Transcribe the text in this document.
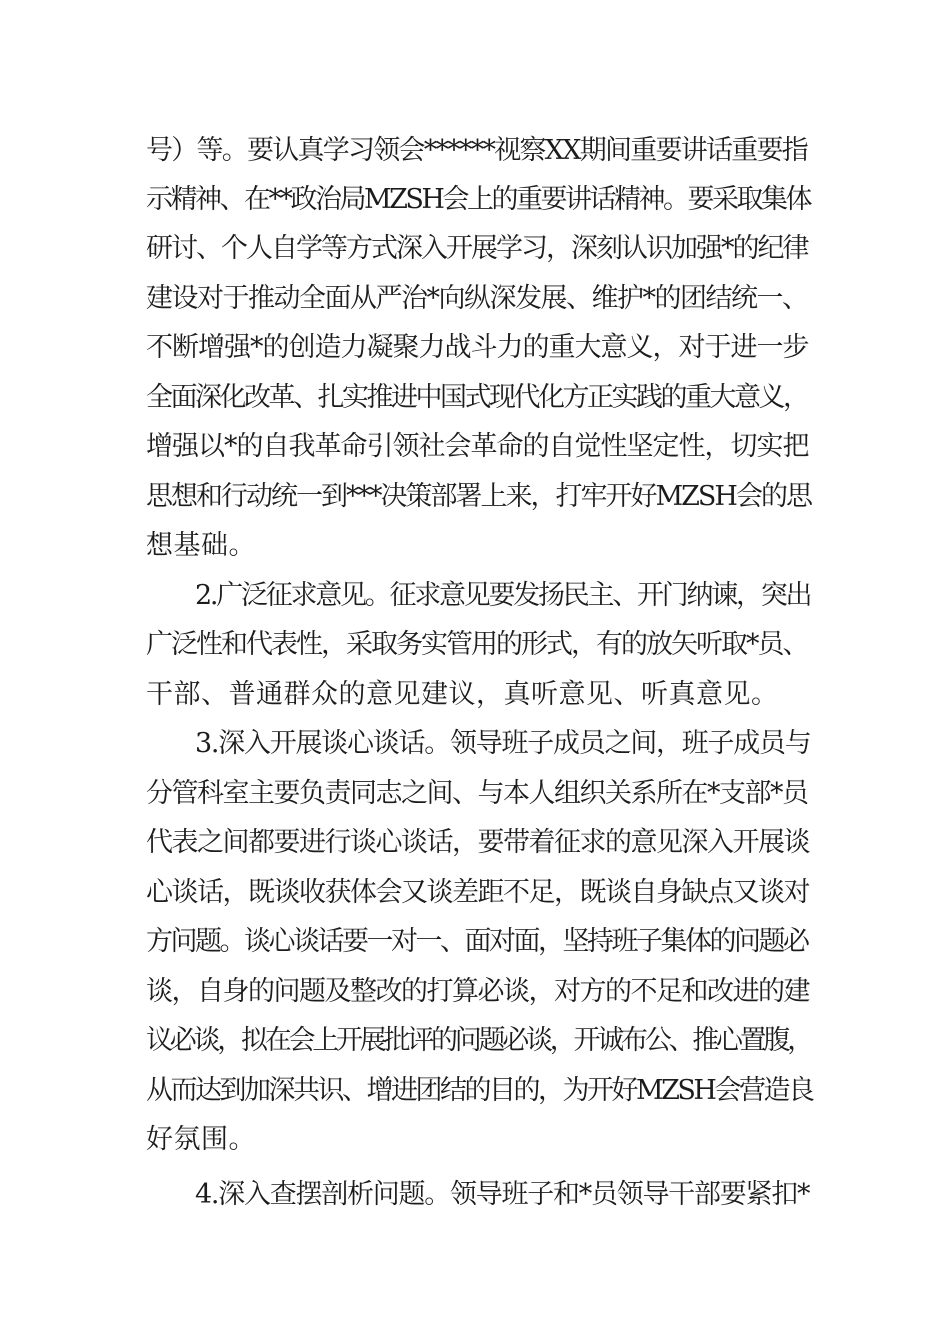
号）等。要认真学习领会******视察XX期间重要讲话重要指
示精神、在**政治局MZSH会上的重要讲话精神。要采取集体
研讨、个人自学等方式深入开展学习，深刻认识加强*的纪律
建设对于推动全面从严治*向纵深发展、维护*的团结统一、
不断增强*的创造力凝聚力战斗力的重大意义，对于进一步
全面深化改革、扎实推进中国式现代化方正实践的重大意义，
增强以*的自我革命引领社会革命的自觉性坚定性，切实把
思想和行动统一到***决策部署上来，打牢开好MZSH会的思
想基础。
2.广泛征求意见。征求意见要发扬民主、开门纳谏，突出
广泛性和代表性，采取务实管用的形式，有的放矢听取*员、
干部、普通群众的意见建议，真听意见、听真意见。
3.深入开展谈心谈话。领导班子成员之间，班子成员与
分管科室主要负责同志之间、与本人组织关系所在*支部*员
代表之间都要进行谈心谈话，要带着征求的意见深入开展谈
心谈话，既谈收获体会又谈差距不足，既谈自身缺点又谈对
方问题。谈心谈话要一对一、面对面，坚持班子集体的问题必
谈，自身的问题及整改的打算必谈，对方的不足和改进的建
议必谈，拟在会上开展批评的问题必谈，开诚布公、推心置腹，
从而达到加深共识、增进团结的目的，为开好MZSH会营造良
好氛围。
4.深入查摆剖析问题。领导班子和*员领导干部要紧扣*
